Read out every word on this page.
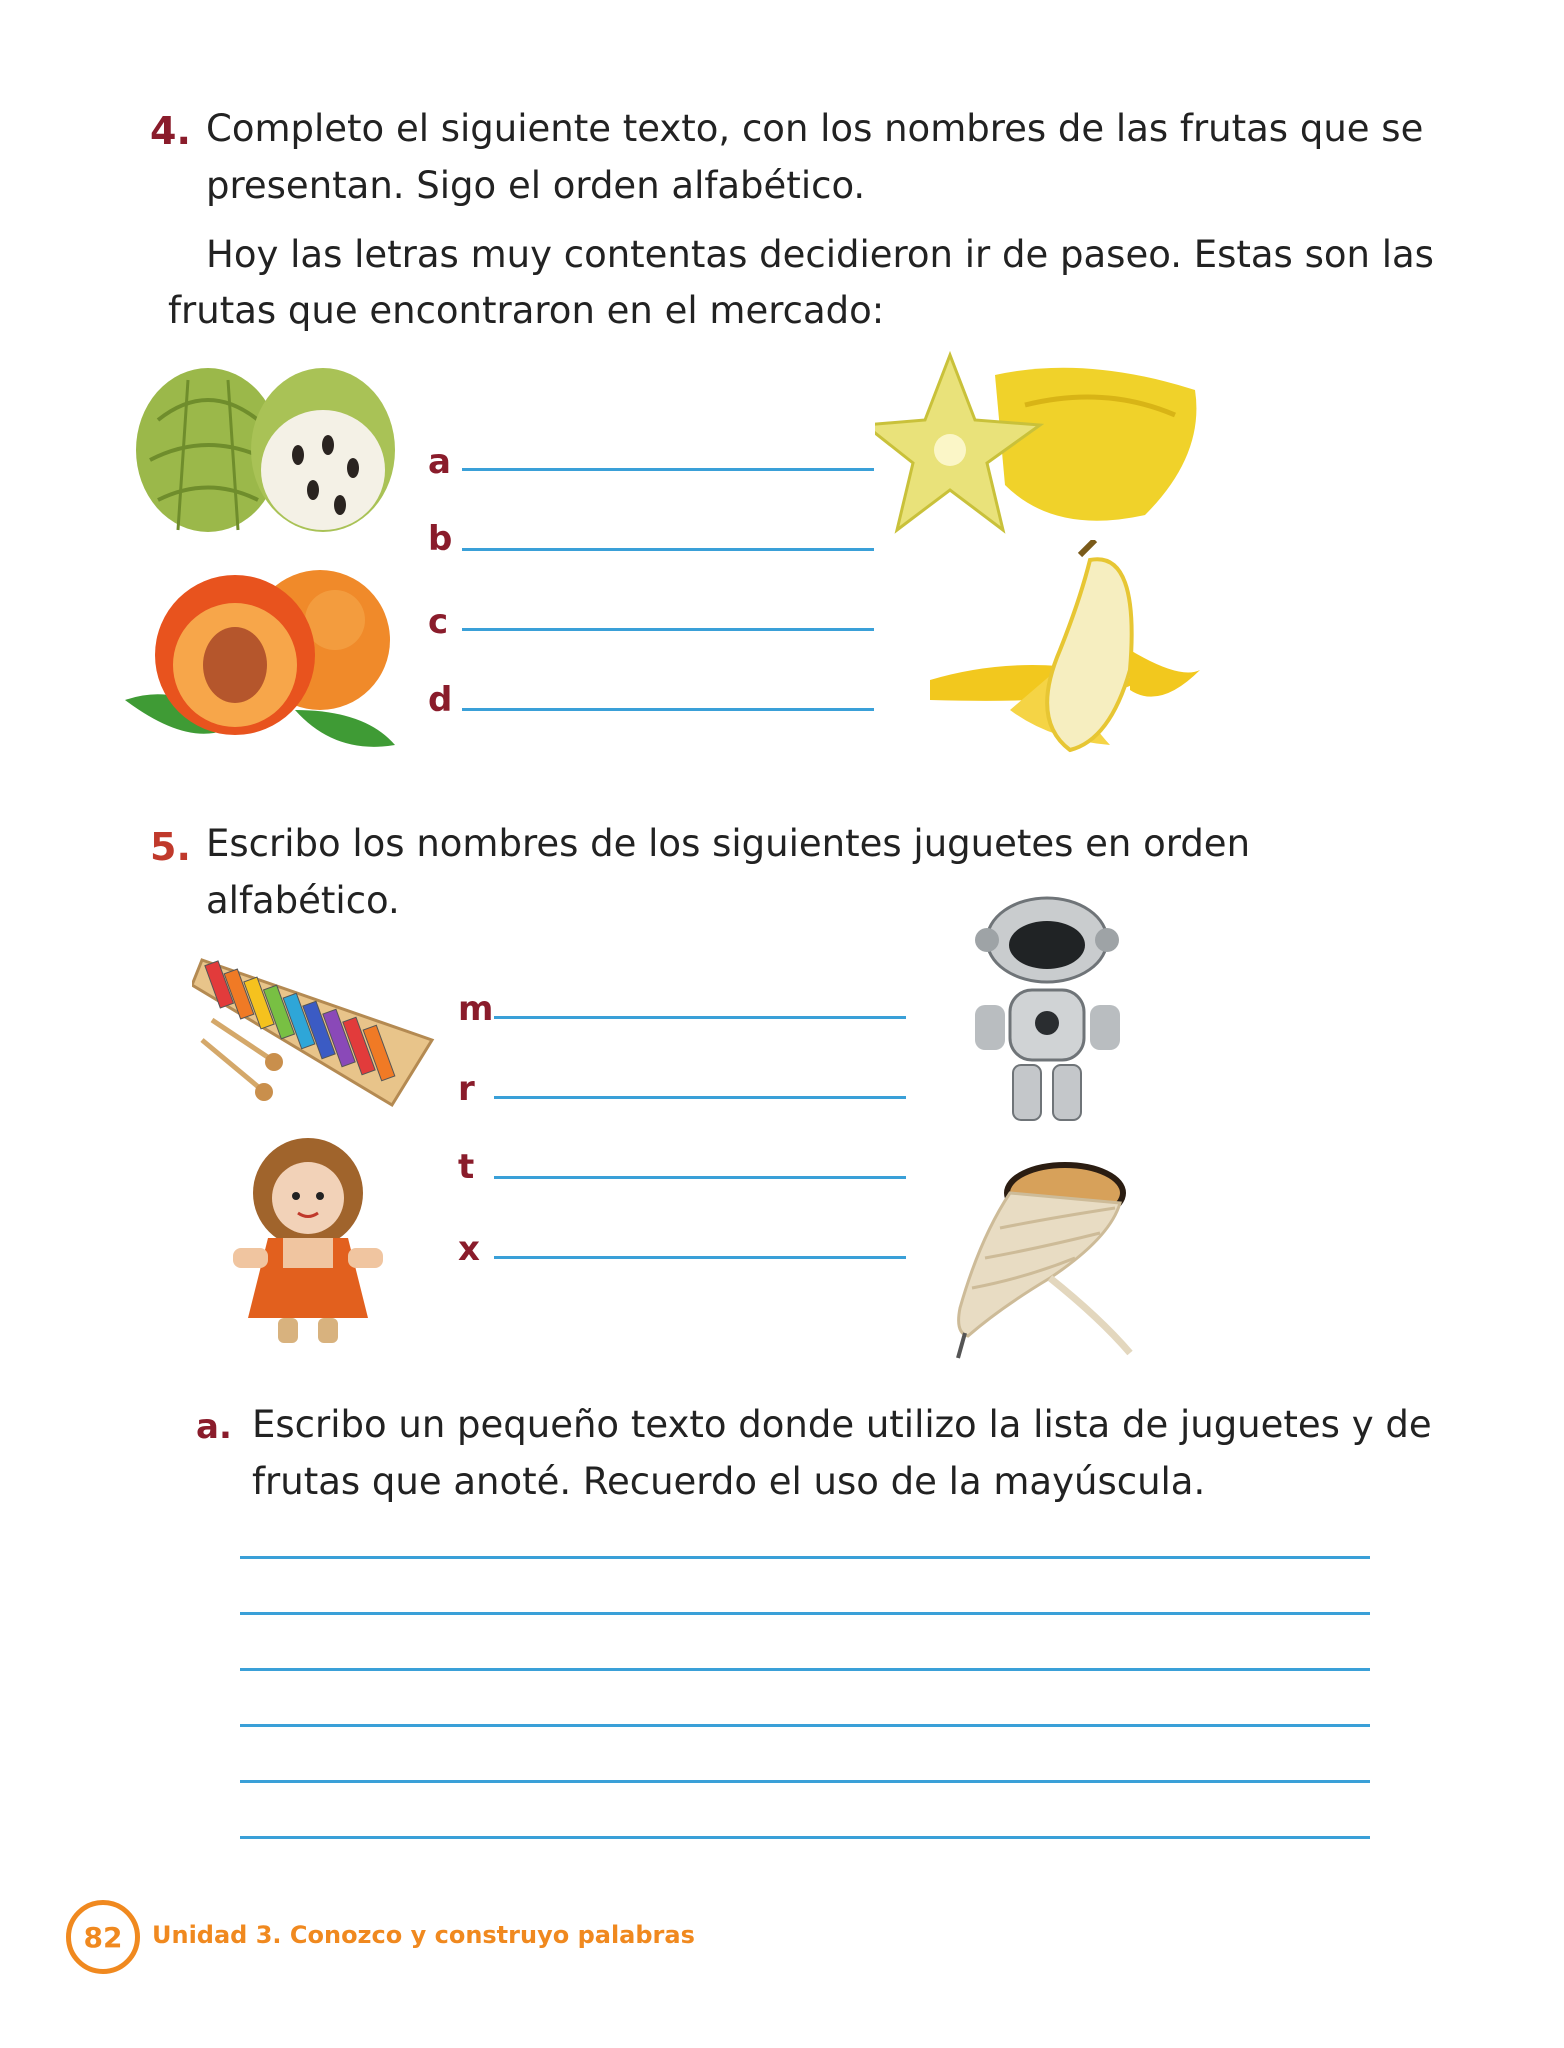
4. Completo el siguiente texto, con los nombres de las frutas que se
presentan. Sigo el orden alfabético.
Hoy las letras muy contentas decidieron ir de paseo. Estas son las
frutas que encontraron en el mercado:
a
b
c
d
5. Escribo los nombres de los siguientes juguetes en orden
alfabético.
m
r
t
x
a. Escribo un pequeño texto donde utilizo la lista de juguetes y de
frutas que anoté. Recuerdo el uso de la mayúscula.
82 Unidad 3. Conozco y construyo palabras
